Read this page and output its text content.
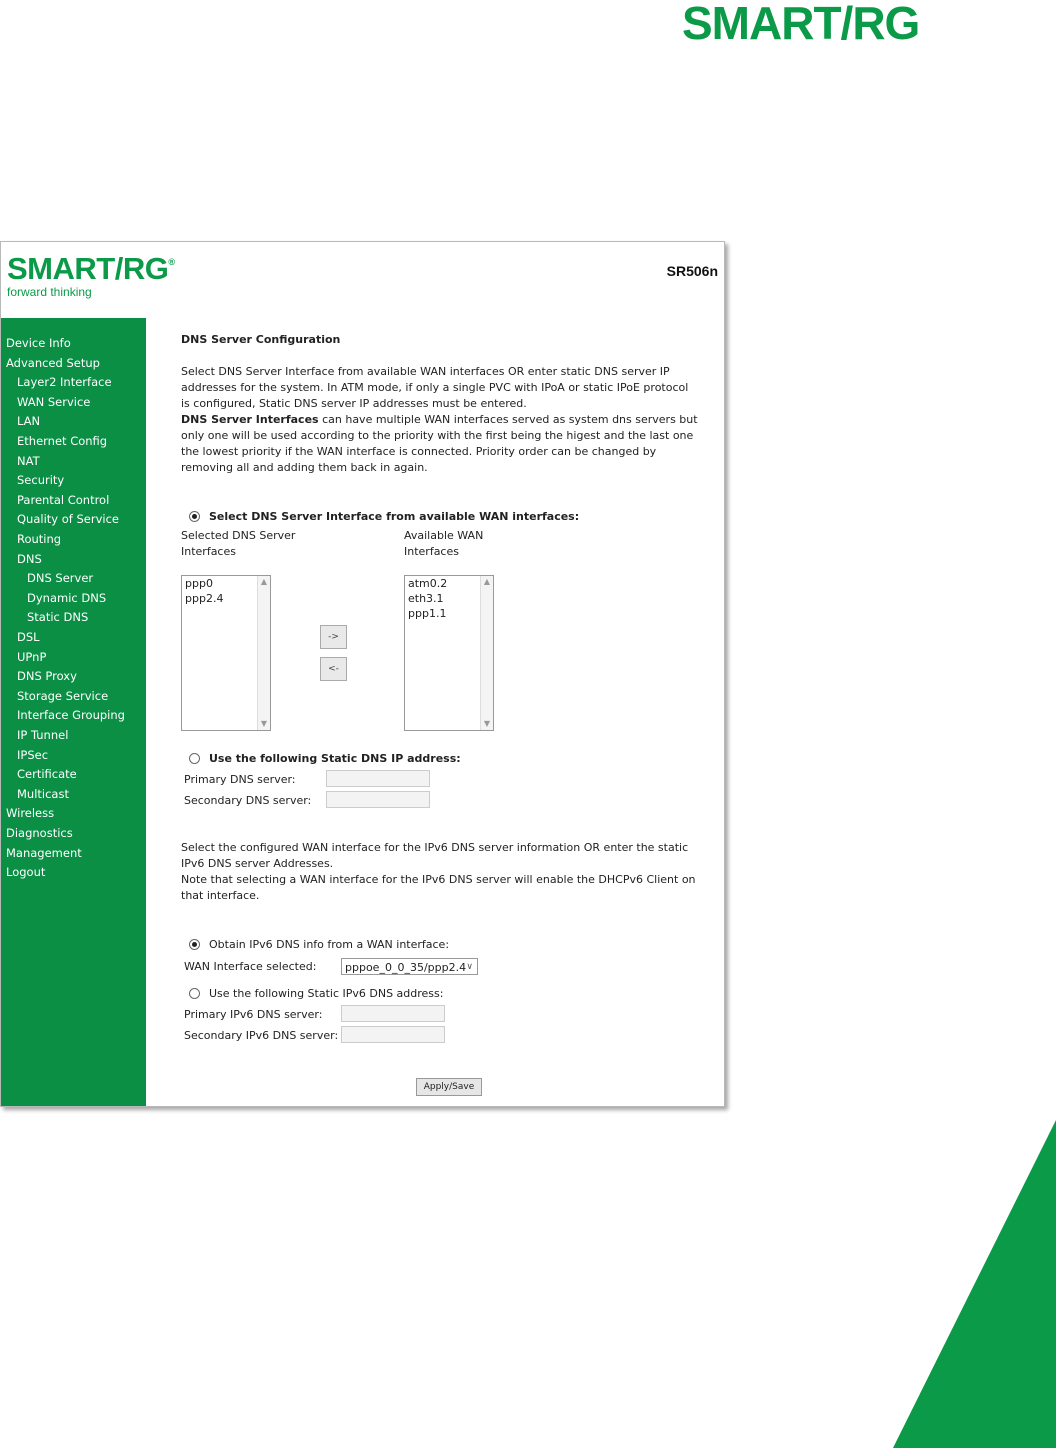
SMART/RG
SMART/RG®
forward thinking
SR506n
Device Info
Advanced Setup
Layer2 Interface
WAN Service
LAN
Ethernet Config
NAT
Security
Parental Control
Quality of Service
Routing
DNS
DNS Server
Dynamic DNS
Static DNS
DSL
UPnP
DNS Proxy
Storage Service
Interface Grouping
IP Tunnel
IPSec
Certificate
Multicast
Wireless
Diagnostics
Management
Logout
DNS Server Configuration
Select DNS Server Interface from available WAN interfaces OR enter static DNS server IP
addresses for the system. In ATM mode, if only a single PVC with IPoA or static IPoE protocol
is configured, Static DNS server IP addresses must be entered.
DNS Server Interfaces can have multiple WAN interfaces served as system dns servers but
only one will be used according to the priority with the first being the higest and the last one
the lowest priority if the WAN interface is connected. Priority order can be changed by
removing all and adding them back in again.
Select DNS Server Interface from available WAN interfaces:
Selected DNS Server
Interfaces
Available WAN
Interfaces
ppp0
ppp2.4
▲
▼
->
<-
atm0.2
eth3.1
ppp1.1
▲
▼
Use the following Static DNS IP address:
Primary DNS server:
Secondary DNS server:
Select the configured WAN interface for the IPv6 DNS server information OR enter the static
IPv6 DNS server Addresses.
Note that selecting a WAN interface for the IPv6 DNS server will enable the DHCPv6 Client on
that interface.
Obtain IPv6 DNS info from a WAN interface:
WAN Interface selected:	pppoe_0_0_35/ppp2.4 ∨
Use the following Static IPv6 DNS address:
Primary IPv6 DNS server:
Secondary IPv6 DNS server:
Apply/Save
